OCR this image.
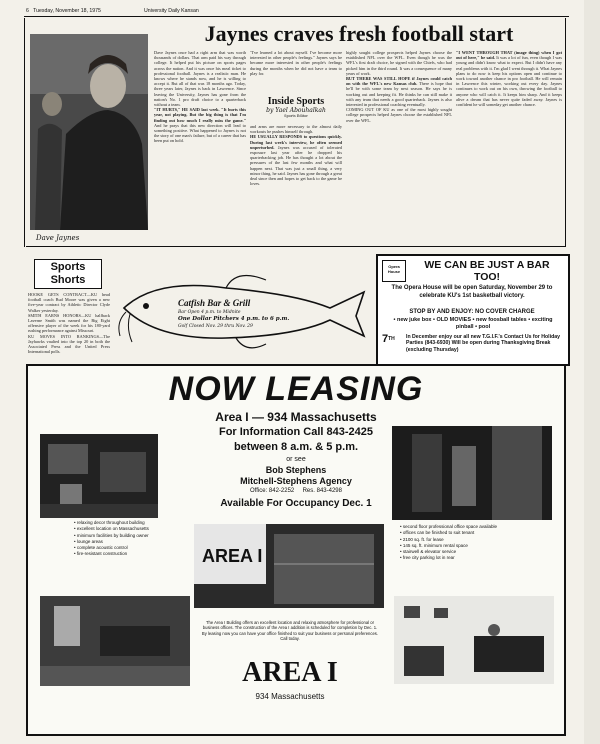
6 Tuesday, November 18, 1975	University Daily Kansan
Dave Jaynes
Jaynes craves fresh football start
Dave Jaynes once had a right arm that was worth thousands of dollars. That arm paid his way through college. It helped put his picture on sports pages across the nation. And it was once his meal ticket to professional football. Jaynes is a realistic man. He knows where he stands now, and he is willing to accept it. But all of that was 18 months ago. Today, three years later, Jaynes is back in Lawrence. Since leaving the University, Jaynes has gone from the nation's No. 1 pro draft choice to a quarterback without a team.
"IT HURTS," HE SAID last week. "It hurts this year, not playing. But the big thing is that I'm finding out how much I really miss the game." And he prays that this new direction will lead to something positive. What happened to Jaynes is not the story of one man's failure, but of a career that has been put on hold.
"I've learned a lot about myself. I've become more interested in other people's feelings." Jaynes says he became more interested in other people's feelings during the months when he did not have a team to play for.
Inside Sports
by Yael Abouhalkah
Sports Editor
and arms are more necessary to the almost daily workouts he pushes himself through.
HE USUALLY RESPONDS to questions quickly. During last week's interview, he often seemed unperturbed. Jaynes was accused of tolerated exposure last year after he dropped his quarterbacking job. He has thought a lot about the pressures of the last few months and what will happen next. That was just a small thing, a very minor thing, he said. Jaynes has gone through a great deal since then and hopes to get back to the game he loves.
highly sought college prospects helped Jaynes choose the established NFL over the WFL. Even though he was the WFL's first draft choice, he signed with the Chiefs, who had picked him in the third round. It was a consequence of many years of work.
BUT THERE WAS STILL HOPE if Jaynes could catch on with the WFL's new Kansas club. There is hope that he'll be with some team by next season. He says he is working out and keeping fit. He thinks he can still make it with any team that needs a good quarterback. Jaynes is also interested in professional coaching eventually.
COMING OUT OF KU as one of the most highly sought college prospects helped Jaynes choose the established NFL over the WFL.
"I WENT THROUGH THAT (image thing) when I got out of here," he said. It was a lot of fun, even though I was young and didn't know what to expect. But I didn't have any real problems with it. I'm glad I went through it. What Jaynes plans to do now is keep his options open and continue to work toward another chance in pro football. He will remain in Lawrence this winter, working out every day. Jaynes continues to work out on his own, throwing the football to anyone who will catch it. It keeps him sharp. And it keeps alive a dream that has never quite faded away. Jaynes is confident he will someday get another chance.
Sports Shorts
HOOKE GETS CONTRACT—KU head football coach Bud Moore was given a new five-year contract by Athletic Director Clyde Walker yesterday.
SMITH EARNS HONORS—KU halfback Laverne Smith was named the Big Eight offensive player of the week for his 180-yard rushing performance against Missouri.
KU MOVES INTO RANKINGS—The Jayhawks vaulted into the top 20 in both the Associated Press and the United Press International polls.
Catfish Bar & Grill
Bar Open 4 p.m. to Midnite
One Dollar Pitchers 4 p.m. to 6 p.m.
Golf Closed Nov. 29 thru Nov. 29
Opera House
WE CAN BE JUST A BAR TOO!
The Opera House will be open Saturday, November 29 to celebrate KU's 1st basketball victory.
STOP BY AND ENJOY: NO COVER CHARGE
• new juke box • OLD MOVIES • new foosball tables • exciting pinball • pool
7TH	In December enjoy our all new T.G.I.F.'s Contact Us for Holiday Parties (843-6930) Will be open during Thanksgiving Break (excluding Thursday)
NOW LEASING
Area I — 934 Massachusetts
For Information Call 843-2425
between 8 a.m. & 5 p.m.
or see
Bob Stephens
Mitchell-Stephens Agency
Office: 842-2252     Res. 843-4298
Available For Occupancy Dec. 1
AREA I
• relaxing decor throughout building
• excellent location on Massachusetts
• minimum facilities by building owner
• lounge areas
• complete acoustic control
• fire-resistant construction
• second floor professional office space available
• offices can be finished to suit tenant
• 2100 sq. ft. for lease
• 145 sq. ft. minimum rental space
• stairwell & elevator service
• free city parking lot in rear
The Area I Building offers an excellent location and relaxing atmosphere for professional or business offices. The construction of the Area I addition is scheduled for completion by Dec. 1. By leasing now you can have your office finished to suit your business or personal preferences. Call today.
AREA I
934 Massachusetts
